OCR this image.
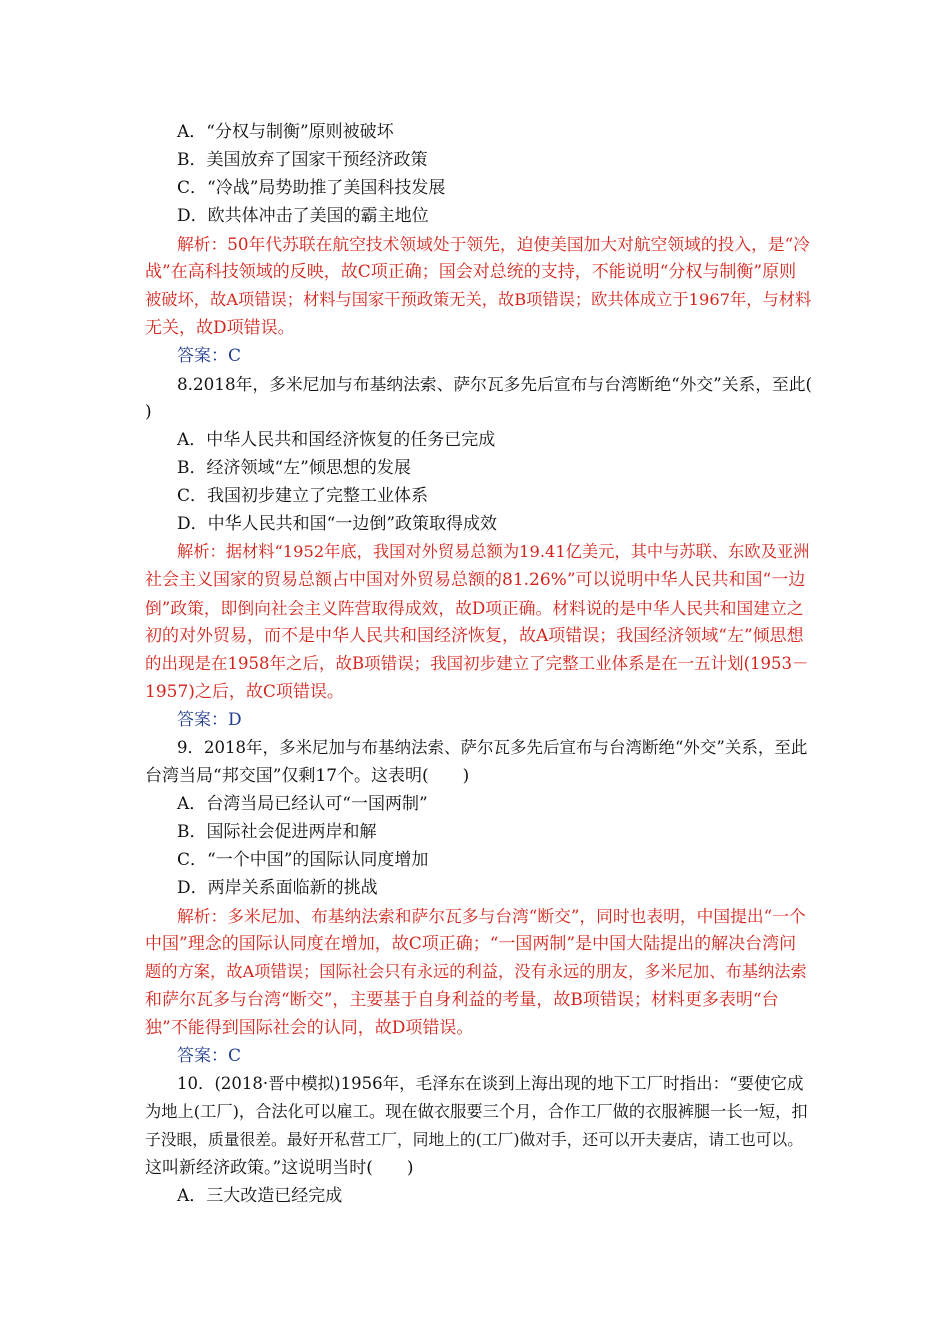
A．“分权与制衡”原则被破坏
B．美国放弃了国家干预经济政策
C．“冷战”局势助推了美国科技发展
D．欧共体冲击了美国的霸主地位
解析：50年代苏联在航空技术领域处于领先，迫使美国加大对航空领域的投入，是“冷
战”在高科技领域的反映，故C项正确；国会对总统的支持，不能说明“分权与制衡”原则
被破坏，故A项错误；材料与国家干预政策无关，故B项错误；欧共体成立于1967年，与材料
无关，故D项错误。
答案：C
8.2018年，多米尼加与布基纳法索、萨尔瓦多先后宣布与台湾断绝“外交”关系，至此(
)
A．中华人民共和国经济恢复的任务已完成
B．经济领域“左”倾思想的发展
C．我国初步建立了完整工业体系
D．中华人民共和国“一边倒”政策取得成效
解析：据材料“1952年底，我国对外贸易总额为19.41亿美元，其中与苏联、东欧及亚洲
社会主义国家的贸易总额占中国对外贸易总额的81.26%”可以说明中华人民共和国“一边
倒”政策，即倒向社会主义阵营取得成效，故D项正确。材料说的是中华人民共和国建立之
初的对外贸易，而不是中华人民共和国经济恢复，故A项错误；我国经济领域“左”倾思想
的出现是在1958年之后，故B项错误；我国初步建立了完整工业体系是在一五计划(1953－
1957)之后，故C项错误。
答案：D
9．2018年，多米尼加与布基纳法索、萨尔瓦多先后宣布与台湾断绝“外交”关系，至此
台湾当局“邦交国”仅剩17个。这表明(　　)
A．台湾当局已经认可“一国两制”
B．国际社会促进两岸和解
C．“一个中国”的国际认同度增加
D．两岸关系面临新的挑战
解析：多米尼加、布基纳法索和萨尔瓦多与台湾“断交”，同时也表明，中国提出“一个
中国”理念的国际认同度在增加，故C项正确；“一国两制”是中国大陆提出的解决台湾问
题的方案，故A项错误；国际社会只有永远的利益，没有永远的朋友，多米尼加、布基纳法索
和萨尔瓦多与台湾“断交”，主要基于自身利益的考量，故B项错误；材料更多表明“台
独”不能得到国际社会的认同，故D项错误。
答案：C
10．(2018·晋中模拟)1956年，毛泽东在谈到上海出现的地下工厂时指出：“要使它成
为地上(工厂)，合法化可以雇工。现在做衣服要三个月，合作工厂做的衣服裤腿一长一短，扣
子没眼，质量很差。最好开私营工厂，同地上的(工厂)做对手，还可以开夫妻店，请工也可以。
这叫新经济政策。”这说明当时(　　)
A．三大改造已经完成
